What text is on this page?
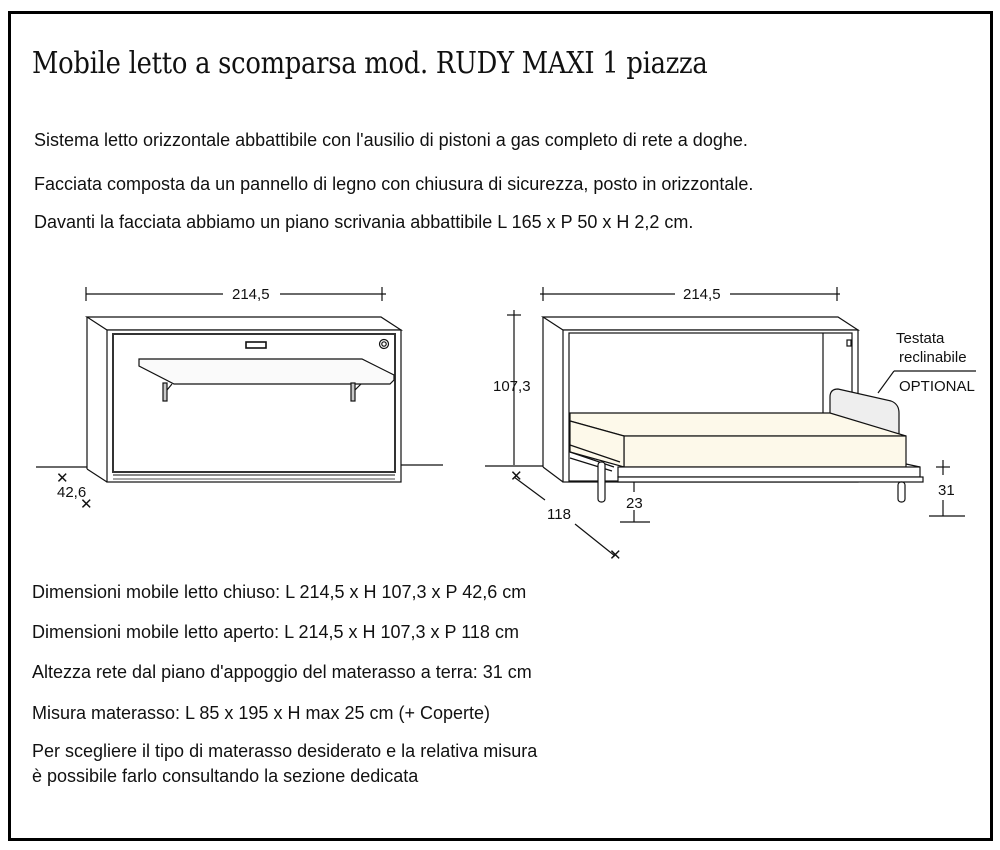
Mobile letto a scomparsa mod. RUDY MAXI 1 piazza
Sistema letto orizzontale abbattibile con l'ausilio di pistoni a gas completo di rete a doghe.
Facciata composta da un pannello di legno con chiusura di sicurezza, posto in orizzontale.
Davanti la facciata abbiamo un piano scrivania abbattibile L 165 x P 50 x H 2,2 cm.
✕
✕
214,5
42,6
✕
✕
214,5
107,3
118
23
31
Testata
reclinabile
OPTIONAL
Dimensioni mobile letto chiuso: L 214,5 x H 107,3 x P 42,6 cm
Dimensioni mobile letto aperto: L 214,5 x H 107,3 x P 118 cm
Altezza rete dal piano d'appoggio del materasso a terra: 31 cm
Misura materasso: L 85 x 195 x H max 25 cm (+ Coperte)
Per scegliere il tipo di materasso desiderato e la relativa misura
è possibile farlo consultando la sezione dedicata
